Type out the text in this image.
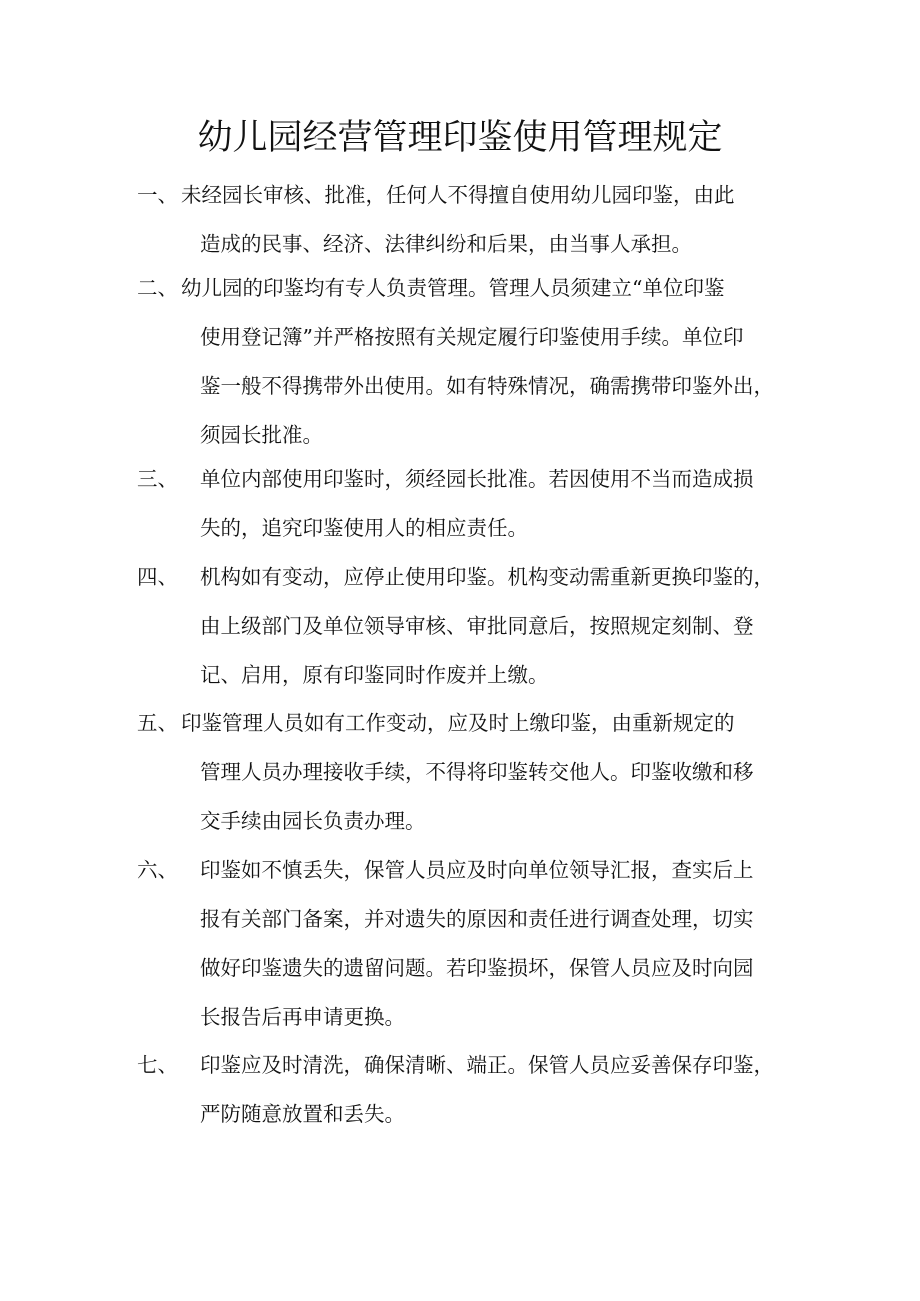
幼儿园经营管理印鉴使用管理规定
一、 未经园长审核、批准，任何人不得擅自使用幼儿园印鉴，由此
造成的民事、经济、法律纠纷和后果，由当事人承担。
二、 幼儿园的印鉴均有专人负责管理。管理人员须建立“单位印鉴
使用登记簿”并严格按照有关规定履行印鉴使用手续。单位印
鉴一般不得携带外出使用。如有特殊情况，确需携带印鉴外出，
须园长批准。
三、 单位内部使用印鉴时，须经园长批准。若因使用不当而造成损
失的，追究印鉴使用人的相应责任。
四、 机构如有变动，应停止使用印鉴。机构变动需重新更换印鉴的，
由上级部门及单位领导审核、审批同意后，按照规定刻制、登
记、启用，原有印鉴同时作废并上缴。
五、 印鉴管理人员如有工作变动，应及时上缴印鉴，由重新规定的
管理人员办理接收手续，不得将印鉴转交他人。印鉴收缴和移
交手续由园长负责办理。
六、 印鉴如不慎丢失，保管人员应及时向单位领导汇报，查实后上
报有关部门备案，并对遗失的原因和责任进行调查处理，切实
做好印鉴遗失的遗留问题。若印鉴损坏，保管人员应及时向园
长报告后再申请更换。
七、 印鉴应及时清洗，确保清晰、端正。保管人员应妥善保存印鉴，
严防随意放置和丢失。
